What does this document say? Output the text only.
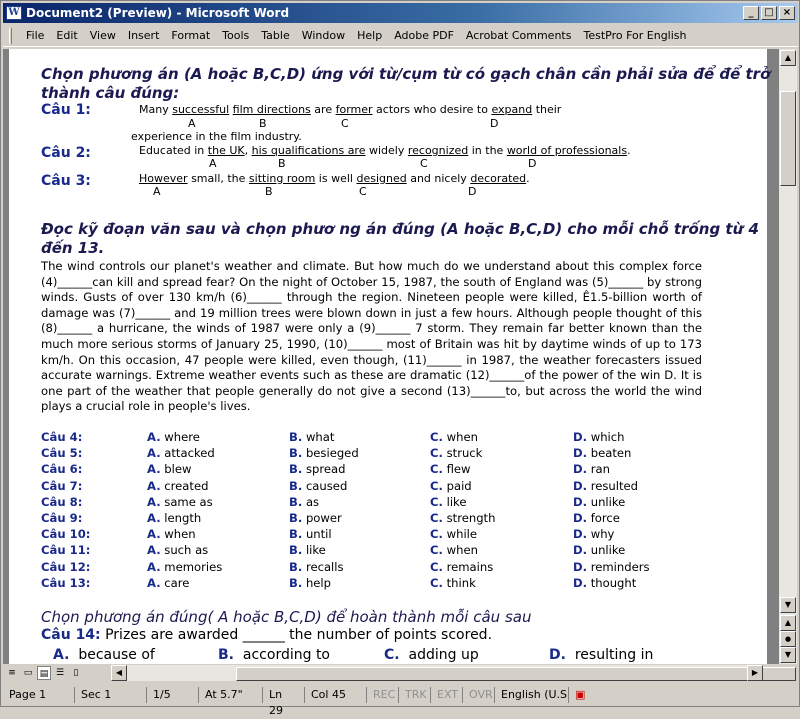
W Document2 (Preview) - Microsoft Word	_	□ ×
File	Edit	View	Insert	Format	Tools	Table	Window	Help	Adobe PDF	Acrobat Comments	TestPro For English
Chọn phương án (A hoặc B,C,D) ứng với từ/cụm từ có gạch chân cần phải sửa để để trở
thành câu đúng:
Câu 1:	Many successful film directions are former actors who desire to expand their
A	B	C	D
experience in the film industry.
Câu 2:	Educated in the UK, his qualifications are widely recognized in the world of professionals.
A	B	C	D
Câu 3:	However small, the sitting room is well designed and nicely decorated.
A	B	C	D
Đọc kỹ đoạn văn sau và chọn phươ ng án đúng (A hoặc B,C,D) cho mỗi chỗ trống từ 4
đến 13.
The wind controls our planet's weather and climate. But how much do we understand about this complex force (4)______can kill and spread fear? On the night of October 15, 1987, the south of England was (5)______ by strong winds. Gusts of over 130 km/h (6)______ through the region. Nineteen people were killed, Ê1.5-billion worth of damage was (7)______ and 19 million trees were blown down in just a few hours. Although people thought of this (8)______ a hurricane, the winds of 1987 were only a (9)______ 7 storm. They remain far better known than the much more serious storms of January 25, 1990, (10)______ most of Britain was hit by daytime winds of up to 173 km/h. On this occasion, 47 people were killed, even though, (11)______ in 1987, the weather forecasters issued accurate warnings. Extreme weather events such as these are dramatic (12)______of the power of the win D. It is one part of the weather that people generally do not give a second (13)______to, but across the world the wind plays a crucial role in people's lives.
Câu 4:	A. where	B. what	C. when	D. which
Câu 5:	A. attacked	B. besieged	C. struck	D. beaten
Câu 6:	A. blew	B. spread	C. flew	D. ran
Câu 7:	A. created	B. caused	C. paid	D. resulted
Câu 8:	A. same as	B. as	C. like	D. unlike
Câu 9:	A. length	B. power	C. strength	D. force
Câu 10:	A. when	B. until	C. while	D. why
Câu 11:	A. such as	B. like	C. when	D. unlike
Câu 12:	A. memories	B. recalls	C. remains	D. reminders
Câu 13:	A. care	B. help	C. think	D. thought
Chọn phương án đúng( A hoặc B,C,D) để hoàn thành mỗi câu sau
Câu 14: Prizes are awarded ______ the number of points scored.
A. because of	B. according to	C. adding up	D. resulting in
▲
▼
▲
●
▼
≡ ▭ ▤ ☰	▯	◀	▶
Page 1	Sec 1	1/5	At 5.7"	Ln 29
Col 45	REC TRK EXT OVR English (U.S ▣
